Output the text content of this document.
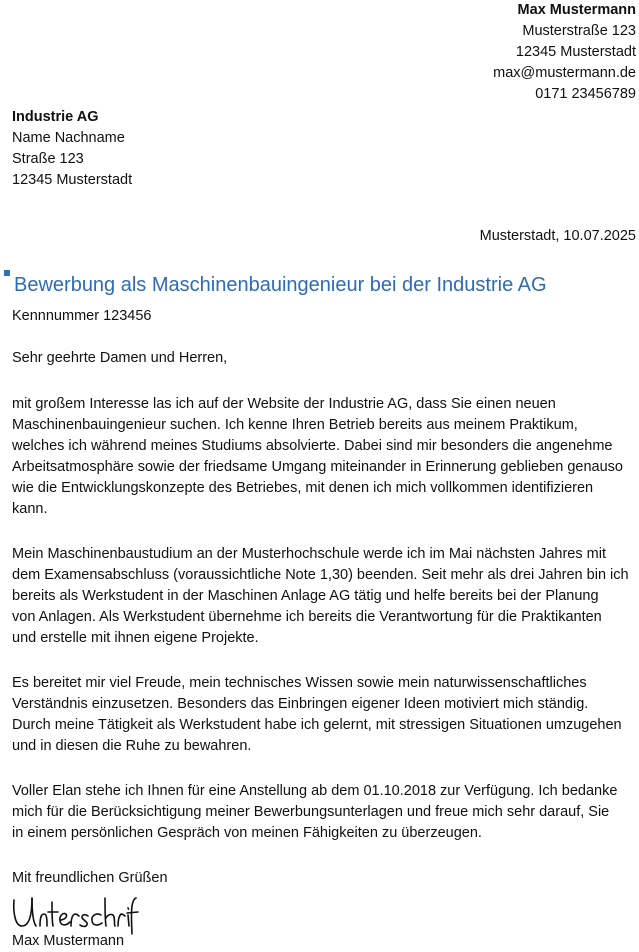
Max Mustermann
Musterstraße 123
12345 Musterstadt
max@mustermann.de
0171 23456789
Industrie AG
Name Nachname
Straße 123
12345 Musterstadt
Musterstadt, 10.07.2025
Bewerbung als Maschinenbauingenieur bei der Industrie AG
Kennnummer 123456
Sehr geehrte Damen und Herren,

mit großem Interesse las ich auf der Website der Industrie AG, dass Sie einen neuen
Maschinenbauingenieur suchen. Ich kenne Ihren Betrieb bereits aus meinem Praktikum,
welches ich während meines Studiums absolvierte. Dabei sind mir besonders die angenehme
Arbeitsatmosphäre sowie der friedsame Umgang miteinander in Erinnerung geblieben genauso
wie die Entwicklungskonzepte des Betriebes, mit denen ich mich vollkommen identifizieren
kann.

Mein Maschinenbaustudium an der Musterhochschule werde ich im Mai nächsten Jahres mit
dem Examensabschluss (voraussichtliche Note 1,30) beenden. Seit mehr als drei Jahren bin ich
bereits als Werkstudent in der Maschinen Anlage AG tätig und helfe bereits bei der Planung
von Anlagen. Als Werkstudent übernehme ich bereits die Verantwortung für die Praktikanten
und erstelle mit ihnen eigene Projekte.

Es bereitet mir viel Freude, mein technisches Wissen sowie mein naturwissenschaftliches
Verständnis einzusetzen. Besonders das Einbringen eigener Ideen motiviert mich ständig.
Durch meine Tätigkeit als Werkstudent habe ich gelernt, mit stressigen Situationen umzugehen
und in diesen die Ruhe zu bewahren.

Voller Elan stehe ich Ihnen für eine Anstellung ab dem 01.10.2018 zur Verfügung. Ich bedanke
mich für die Berücksichtigung meiner Bewerbungsunterlagen und freue mich sehr darauf, Sie
in einem persönlichen Gespräch von meinen Fähigkeiten zu überzeugen.

Mit freundlichen Grüßen
Max Mustermann
